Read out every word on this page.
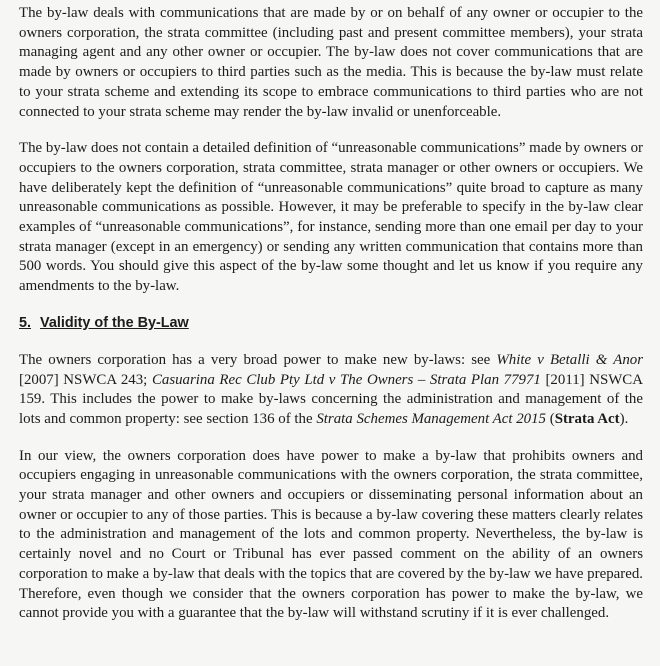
The by-law deals with communications that are made by or on behalf of any owner or occupier to the owners corporation, the strata committee (including past and present committee members), your strata managing agent and any other owner or occupier. The by-law does not cover communications that are made by owners or occupiers to third parties such as the media. This is because the by-law must relate to your strata scheme and extending its scope to embrace communications to third parties who are not connected to your strata scheme may render the by-law invalid or unenforceable.

The by-law does not contain a detailed definition of “unreasonable communications” made by owners or occupiers to the owners corporation, strata committee, strata manager or other owners or occupiers. We have deliberately kept the definition of “unreasonable communications” quite broad to capture as many unreasonable communications as possible. However, it may be preferable to specify in the by-law clear examples of “unreasonable communications”, for instance, sending more than one email per day to your strata manager (except in an emergency) or sending any written communication that contains more than 500 words. You should give this aspect of the by-law some thought and let us know if you require any amendments to the by-law.

5. Validity of the By-Law

The owners corporation has a very broad power to make new by-laws: see White v Betalli & Anor [2007] NSWCA 243; Casuarina Rec Club Pty Ltd v The Owners – Strata Plan 77971 [2011] NSWCA 159. This includes the power to make by-laws concerning the administration and management of the lots and common property: see section 136 of the Strata Schemes Management Act 2015 (Strata Act).

In our view, the owners corporation does have power to make a by-law that prohibits owners and occupiers engaging in unreasonable communications with the owners corporation, the strata committee, your strata manager and other owners and occupiers or disseminating personal information about an owner or occupier to any of those parties. This is because a by-law covering these matters clearly relates to the administration and management of the lots and common property. Nevertheless, the by-law is certainly novel and no Court or Tribunal has ever passed comment on the ability of an owners corporation to make a by-law that deals with the topics that are covered by the by-law we have prepared. Therefore, even though we consider that the owners corporation has power to make the by-law, we cannot provide you with a guarantee that the by-law will withstand scrutiny if it is ever challenged.
